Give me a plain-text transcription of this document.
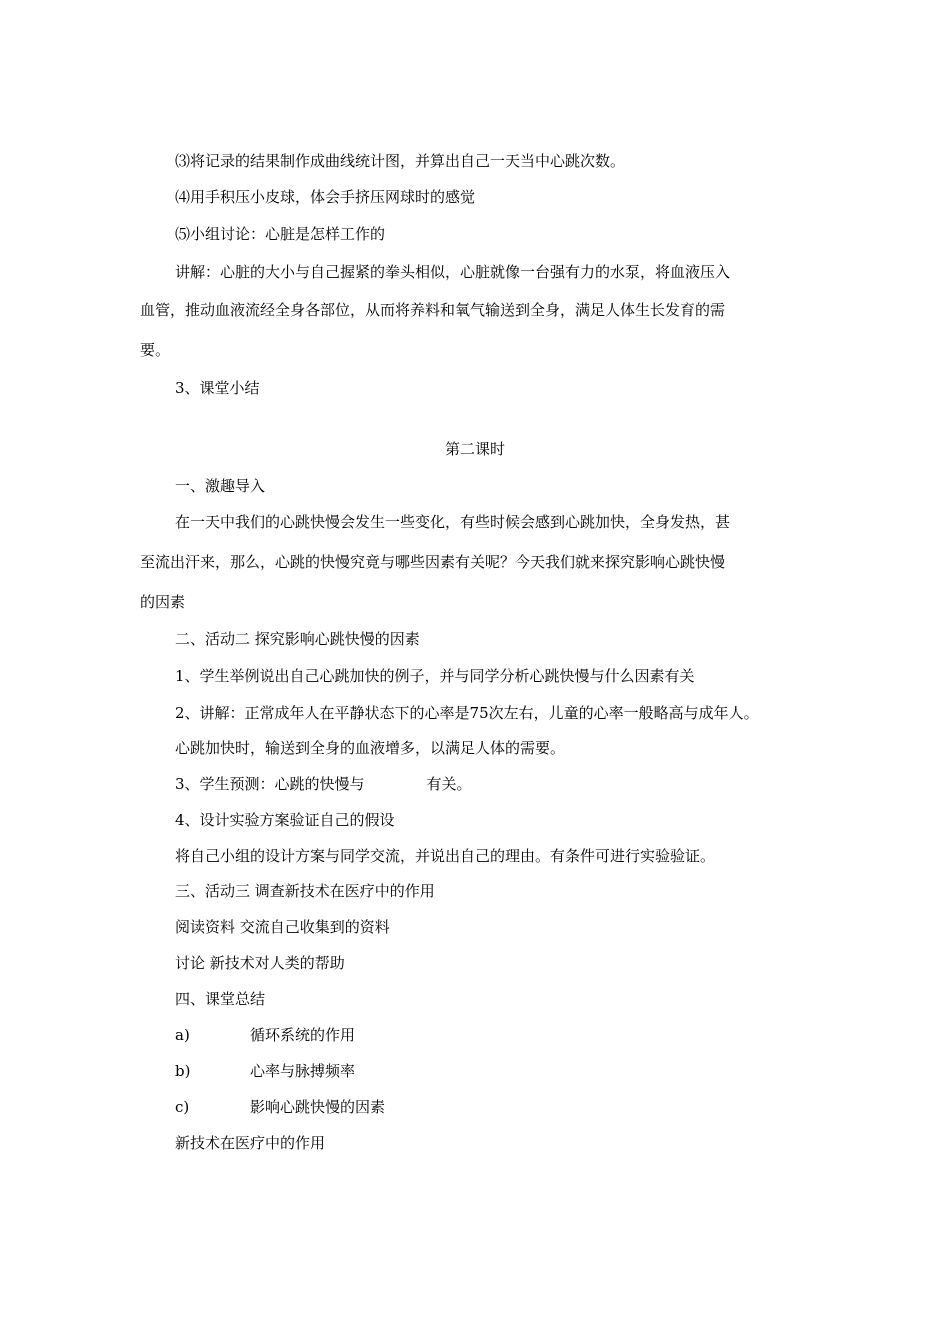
⑶将记录的结果制作成曲线统计图，并算出自己一天当中心跳次数。
⑷用手积压小皮球，体会手挤压网球时的感觉
⑸小组讨论：心脏是怎样工作的
讲解：心脏的大小与自己握紧的拳头相似，心脏就像一台强有力的水泵，将血液压入
血管，推动血液流经全身各部位，从而将养料和氧气输送到全身，满足人体生长发育的需
要。
3、课堂小结
第二课时
一、激趣导入
在一天中我们的心跳快慢会发生一些变化，有些时候会感到心跳加快，全身发热，甚
至流出汗来，那么，心跳的快慢究竟与哪些因素有关呢？今天我们就来探究影响心跳快慢
的因素
二、活动二 探究影响心跳快慢的因素
1、学生举例说出自己心跳加快的例子，并与同学分析心跳快慢与什么因素有关
2、讲解：正常成年人在平静状态下的心率是75次左右，儿童的心率一般略高与成年人。
心跳加快时，输送到全身的血液增多，以满足人体的需要。
3、学生预测：心跳的快慢与	有关。
4、设计实验方案验证自己的假设
将自己小组的设计方案与同学交流，并说出自己的理由。有条件可进行实验验证。
三、活动三 调查新技术在医疗中的作用
阅读资料 交流自己收集到的资料
讨论 新技术对人类的帮助
四、课堂总结
a)	循环系统的作用
b)	心率与脉搏频率
c)	影响心跳快慢的因素
新技术在医疗中的作用
